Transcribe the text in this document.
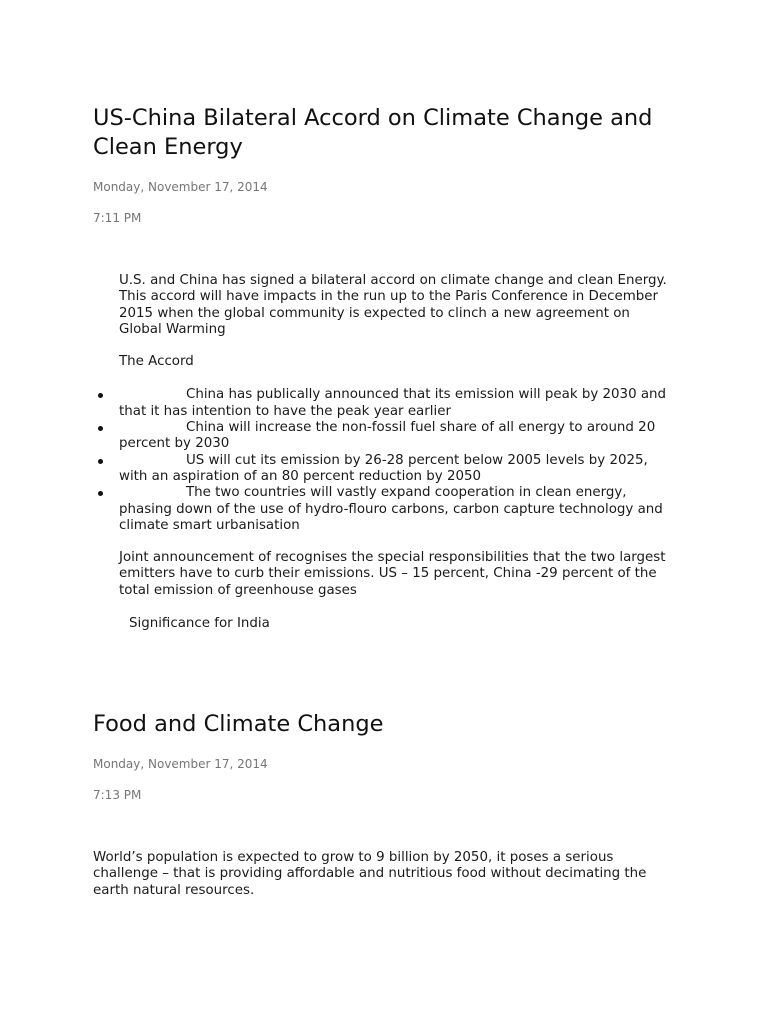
US-China Bilateral Accord on Climate Change and Clean Energy

Monday, November 17, 2014

7:11 PM

U.S. and China has signed a bilateral accord on climate change and clean Energy. This accord will have impacts in the run up to the Paris Conference in December 2015 when the global community is expected to clinch a new agreement on Global Warming

The Accord

China has publically announced that its emission will peak by 2030 and that it has intention to have the peak year earlier
China will increase the non-fossil fuel share of all energy to around 20 percent by 2030
US will cut its emission by 26-28 percent below 2005 levels by 2025, with an aspiration of an 80 percent reduction by 2050
The two countries will vastly expand cooperation in clean energy, phasing down of the use of hydro-flouro carbons, carbon capture technology and climate smart urbanisation

Joint announcement of recognises the special responsibilities that the two largest emitters have to curb their emissions. US – 15 percent, China -29 percent of the total emission of greenhouse gases

Significance for India

Food and Climate Change

Monday, November 17, 2014

7:13 PM

World’s population is expected to grow to 9 billion by 2050, it poses a serious challenge – that is providing affordable and nutritious food without decimating the earth natural resources.
